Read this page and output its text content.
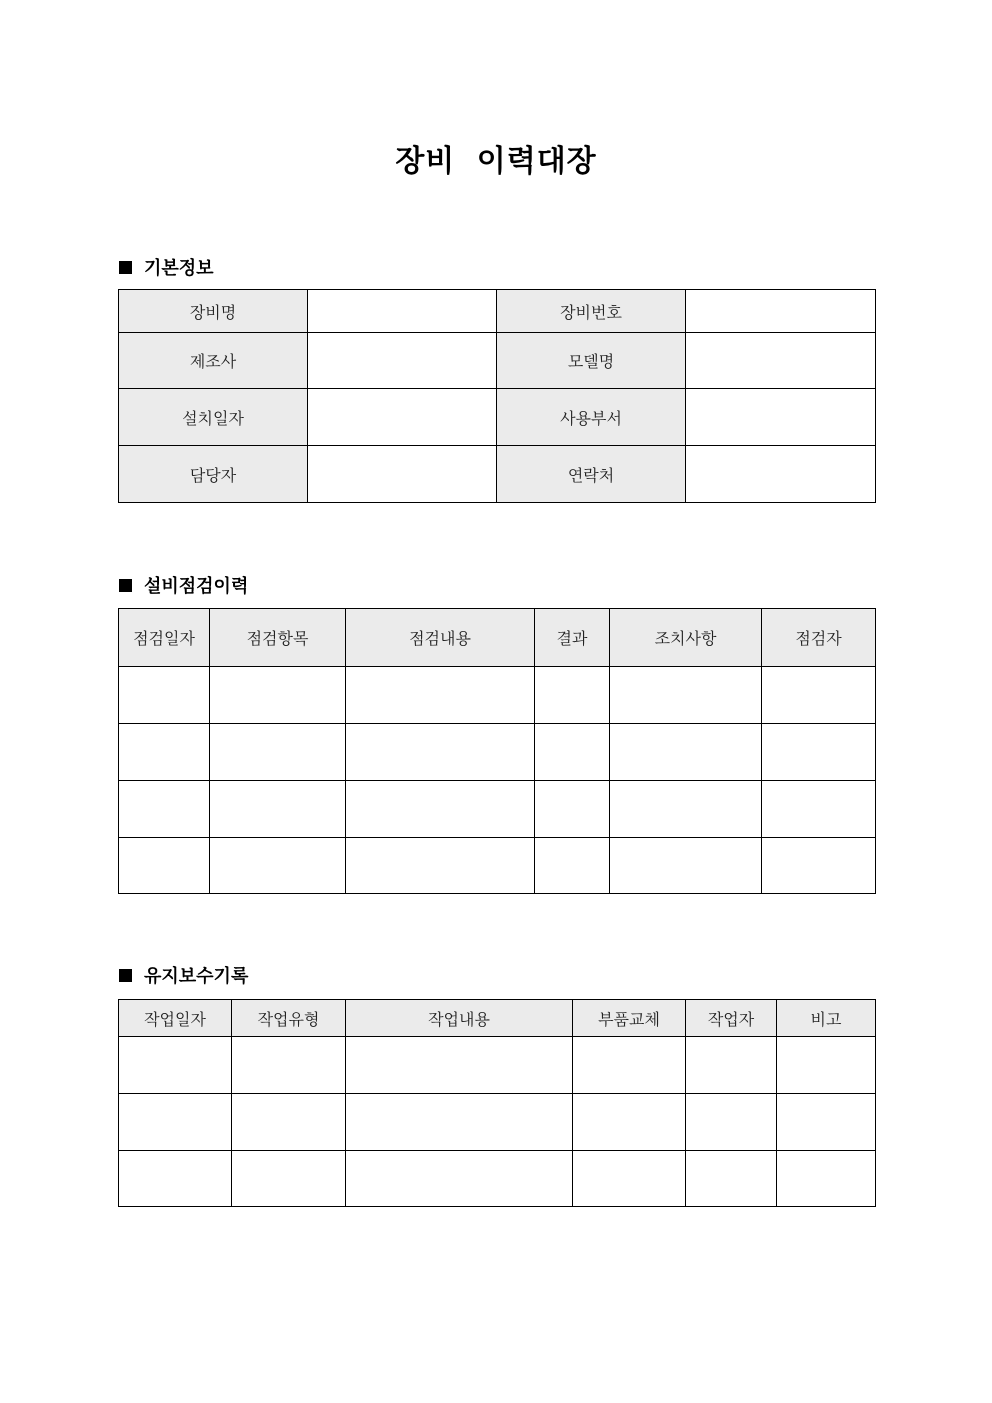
장비 이력대장
기본정보
장비명		장비번호	
제조사		모델명	
설치일자		사용부서	
담당자		연락처	
설비점검이력
점검일자	점검항목	점검내용	결과	조치사항	점검자

유지보수기록
작업일자	작업유형	작업내용	부품교체	작업자	비고
